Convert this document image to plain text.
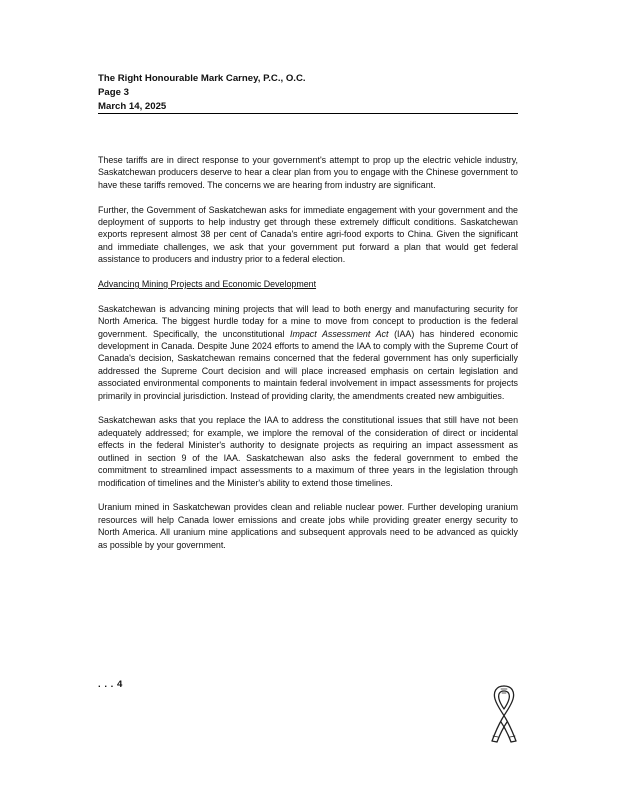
The Right Honourable Mark Carney, P.C., O.C.
Page 3
March 14, 2025

These tariffs are in direct response to your government's attempt to prop up the electric vehicle industry, Saskatchewan producers deserve to hear a clear plan from you to engage with the Chinese government to have these tariffs removed. The concerns we are hearing from industry are significant.

Further, the Government of Saskatchewan asks for immediate engagement with your government and the deployment of supports to help industry get through these extremely difficult conditions. Saskatchewan exports represent almost 38 per cent of Canada's entire agri-food exports to China. Given the significant and immediate challenges, we ask that your government put forward a plan that would get federal assistance to producers and industry prior to a federal election.

Advancing Mining Projects and Economic Development

Saskatchewan is advancing mining projects that will lead to both energy and manufacturing security for North America. The biggest hurdle today for a mine to move from concept to production is the federal government. Specifically, the unconstitutional Impact Assessment Act (IAA) has hindered economic development in Canada. Despite June 2024 efforts to amend the IAA to comply with the Supreme Court of Canada's decision, Saskatchewan remains concerned that the federal government has only superficially addressed the Supreme Court decision and will place increased emphasis on certain legislation and associated environmental components to maintain federal involvement in impact assessments for projects primarily in provincial jurisdiction. Instead of providing clarity, the amendments created new ambiguities.

Saskatchewan asks that you replace the IAA to address the constitutional issues that still have not been adequately addressed; for example, we implore the removal of the consideration of direct or incidental effects in the federal Minister's authority to designate projects as requiring an impact assessment as outlined in section 9 of the IAA. Saskatchewan also asks the federal government to embed the commitment to streamlined impact assessments to a maximum of three years in the legislation through modification of timelines and the Minister's ability to extend those timelines.

Uranium mined in Saskatchewan provides clean and reliable nuclear power. Further developing uranium resources will help Canada lower emissions and create jobs while providing greater energy security to North America. All uranium mine applications and subsequent approvals need to be advanced as quickly as possible by your government.

. . . 4
